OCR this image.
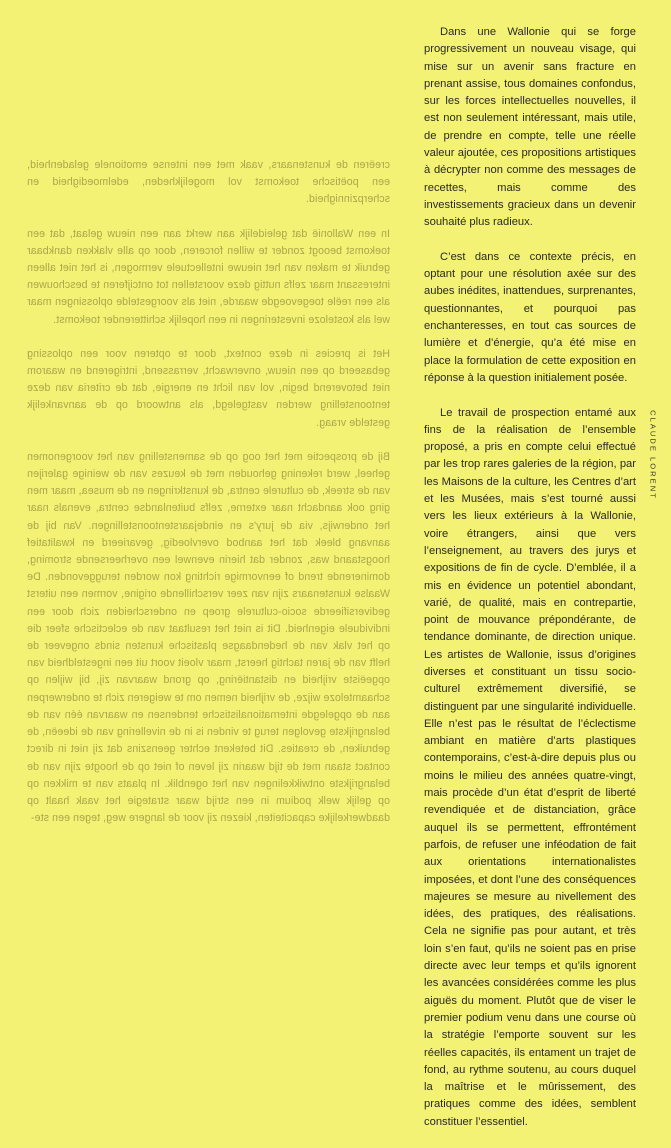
creëren de kunstenaars, vaak met een intense emotionele geladenheid, een poëtische toekomst vol mogelijkheden, edelmoedigheid en scherpzinnigheid.

In een Wallonië dat geleidelijk aan werkt aan een nieuw gelaat, dat een toekomst beoogt zonder te willen forceren, door op alle vlakken dankbaar gebruik te maken van het nieuwe intellectuele vermogen, is het niet alleen interessant maar zelfs nuttig deze voorstellen tot ontcijferen te beschouwen als een reële toegevoegde waarde, niet als voorgestelde oplossingen maar wel als kosteloze investeringen in een hopelijk schitterender toekomst.

Het is precies in deze context, door te opteren voor een oplossing gebaseerd op een nieuw, onverwacht, verrassend, intrigerend en waarom niet betoverend begin, vol van licht en energie, dat de criteria van deze tentoonstelling werden vastgelegd, als antwoord op de aanvankelijk gestelde vraag.

Bij de prospectie met het oog op de samenstelling van het voorgenomen geheel, werd rekening gehouden met de keuzes van de weinige galerijen van de streek, de culturele centra, de kunstkringen en de musea, maar men ging ook aandacht naar externe, zelfs buitenlandse centra, evenals naar het onderwijs, via de jury's en eindejaarstentoonstellingen. Van bij de aanvang bleek dat het aanbod overvloedig, gevarieerd en kwalitatief hoogstaand was, zonder dat hierin evenwel een overheersende stroming, dominerende trend of eenvormige richting kon worden teruggevonden. De Waalse kunstenaars zijn van zeer verschillende origine, vormen een uiterst gediversifieerde socio-culturele groep en onderscheiden zich door een individuele eigenheid. Dit is niet het resultaat van de eclectische sfeer die op het vlak van de hedendaagse plastische kunsten sinds ongeveer de helft van de jaren tachtig heerst, maar vloeit voort uit een ingesteldheid van opgeëiste vrijheid en distantiëring, op grond waarvan zij, bij wijlen op schaamteloze wijze, de vrijheid nemen om te weigeren zich te onderwerpen aan de opgelegde internationalistische tendensen en waarvan één van de belangrijkste gevolgen terug te vinden is in de nivellering van de ideeën, de gebruiken, de creaties. Dit betekent echter geenszins dat zij niet in direct contact staan met de tijd waarin zij leven of niet op de hoogte zijn van de belangrijkste ontwikkelingen van het ogenblik. In plaats van te mikken op op gelijk welk podium in een strijd waar strategie het vaak haalt op daadwerkelijke capaciteiten, kiezen zij voor de langere weg, tegen een ste-

Dans une Wallonie qui se forge progressivement un nouveau visage, qui mise sur un avenir sans fracture en prenant assise, tous domaines confondus, sur les forces intellectuelles nouvelles, il est non seulement intéressant, mais utile, de prendre en compte, telle une réelle valeur ajoutée, ces propositions artistiques à décrypter non comme des messages de recettes, mais comme des investissements gracieux dans un devenir souhaité plus radieux.

C’est dans ce contexte précis, en optant pour une résolution axée sur des aubes inédites, inattendues, surprenantes, questionnantes, et pourquoi pas enchanteresses, en tout cas sources de lumière et d’énergie, qu’a été mise en place la formulation de cette exposition en réponse à la question initialement posée.

Le travail de prospection entamé aux fins de la réalisation de l’ensemble proposé, a pris en compte celui effectué par les trop rares galeries de la région, par les Maisons de la culture, les Centres d’art et les Musées, mais s’est tourné aussi vers les lieux extérieurs à la Wallonie, voire étrangers, ainsi que vers l’enseignement, au travers des jurys et expositions de fin de cycle. D’emblée, il a mis en évidence un potentiel abondant, varié, de qualité, mais en contrepartie, point de mouvance prépondérante, de tendance dominante, de direction unique. Les artistes de Wallonie, issus d’origines diverses et constituant un tissu socio-culturel extrêmement diversifié, se distinguent par une singularité individuelle. Elle n’est pas le résultat de l’éclectisme ambiant en matière d’arts plastiques contemporains, c’est-à-dire depuis plus ou moins le milieu des années quatre-vingt, mais procède d’un état d’esprit de liberté revendiquée et de distanciation, grâce auquel ils se permettent, effrontément parfois, de refuser une inféodation de fait aux orientations internationalistes imposées, et dont l’une des conséquences majeures se mesure au nivellement des idées, des pratiques, des réalisations. Cela ne signifie pas pour autant, et très loin s’en faut, qu’ils ne soient pas en prise directe avec leur temps et qu’ils ignorent les avancées considérées comme les plus aiguës du moment. Plutôt que de viser le premier podium venu dans une course où la stratégie l’emporte souvent sur les réelles capacités, ils entament un trajet de fond, au rythme soutenu, au cours duquel la maîtrise et le mûrissement, des pratiques comme des idées, semblent constituer l’essentiel.

CLAUDE LORENT
